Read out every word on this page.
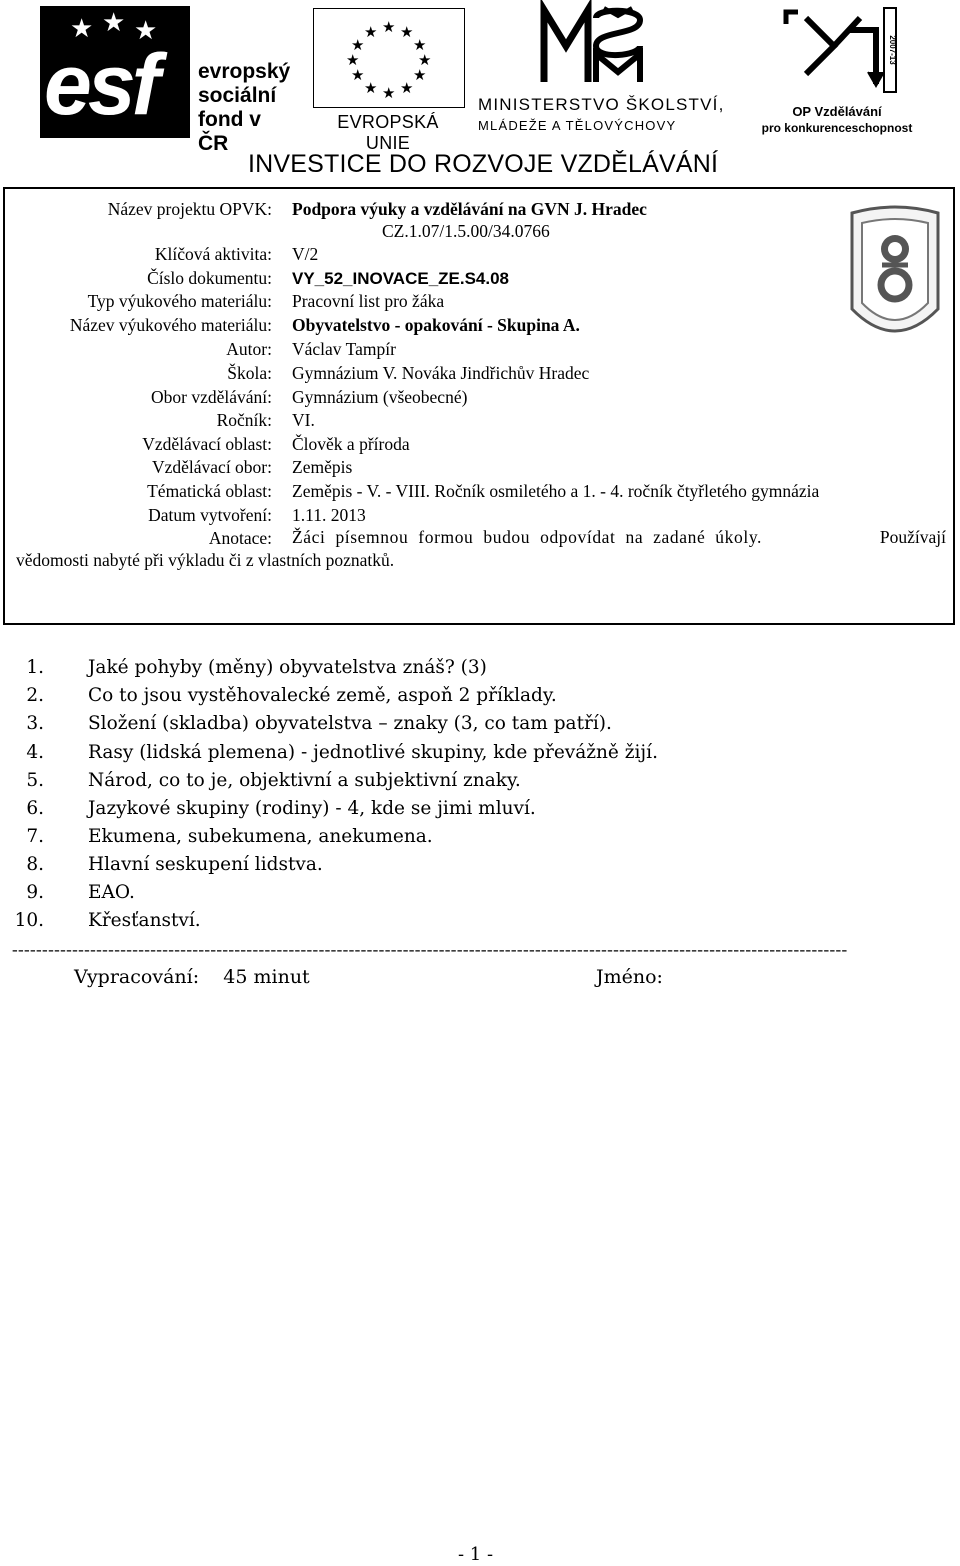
★ ★ ★
esf evropský
sociální
fond v ČR
★ ★
★
★
★
★
★
★
★
★
★
★
EVROPSKÁ UNIE
MINISTERSTVO ŠKOLSTVÍ,
MLÁDEŽE A TĚLOVÝCHOVY
2007-13
OP Vzdělávání
pro konkurenceschopnost
INVESTICE DO ROZVOJE VZDĚLÁVÁNÍ
Název projektu OPVK: Podpora výuky a vzdělávání na GVN J. Hradec
CZ.1.07/1.5.00/34.0766
Klíčová aktivita: V/2
Číslo dokumentu: VY_52_INOVACE_ZE.S4.08
Typ výukového materiálu: Pracovní list pro žáka
Název výukového materiálu: Obyvatelstvo - opakování - Skupina A.
Autor: Václav Tampír
Škola: Gymnázium V. Nováka Jindřichův Hradec
Obor vzdělávání: Gymnázium (všeobecné)
Ročník: VI.
Vzdělávací oblast: Člověk a příroda
Vzdělávací obor: Zeměpis
Tématická oblast: Zeměpis - V. - VIII. Ročník osmiletého a 1. - 4. ročník čtyřletého gymnázia
Datum vytvoření: 1.11. 2013
Anotace: Žáci písemnou formou budou odpovídat na zadané úkoly.	Používají
vědomosti nabyté při výkladu či z vlastních poznatků.
1. Jaké pohyby (měny) obyvatelstva znáš? (3)
2. Co to jsou vystěhovalecké země, aspoň 2 příklady.
3. Složení (skladba) obyvatelstva – znaky (3, co tam patří).
4. Rasy (lidská plemena) - jednotlivé skupiny, kde převážně žijí.
5. Národ, co to je, objektivní a subjektivní znaky.
6. Jazykové skupiny (rodiny) - 4, kde se jimi mluví.
7. Ekumena, subekumena, anekumena.
8. Hlavní seskupení lidstva.
9. EAO.
10. Křesťanství.
-------------------------------------------------------------------------------------------------------------------------------------------
Vypracování:    45 minut	Jméno:
- 1 -
